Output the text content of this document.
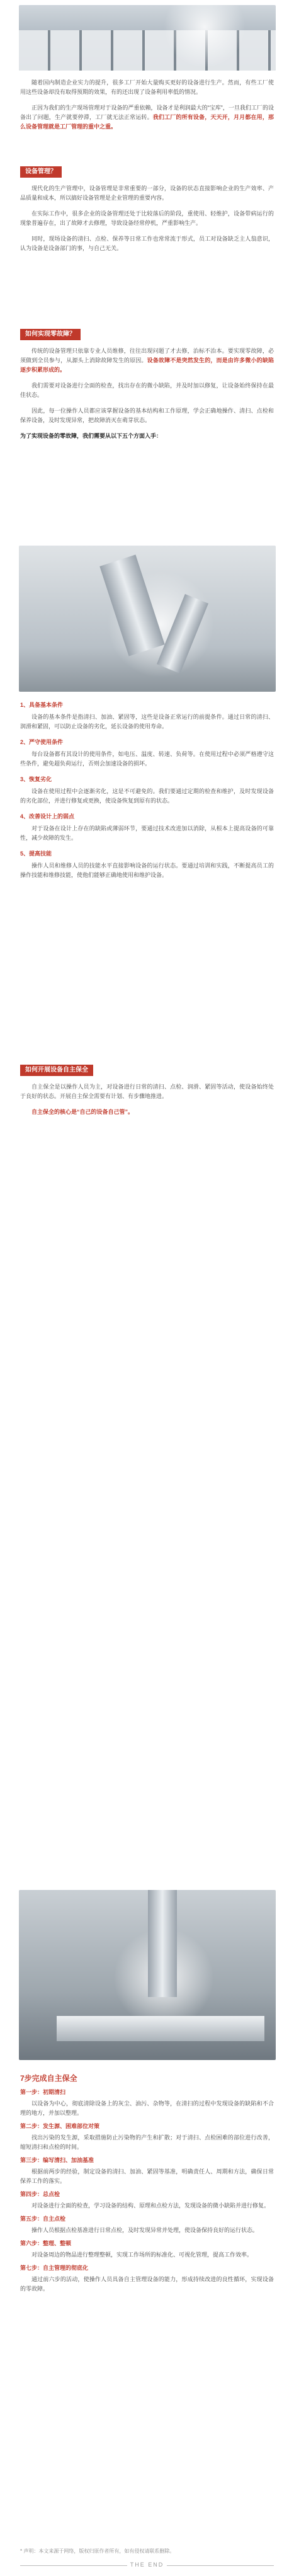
随着国内制造企业实力的提升，很多工厂开始大量购买更好的设备进行生产。然而，有些工厂使用这些设备却没有取得预期的效果，有的还出现了设备利用率低的情况。

正因为我们的生产现场管理对于设备的严重依赖，设备才是利润最大的“宝库”，一旦我们工厂的设备出了问题，生产就要停滞，工厂就无法正常运转。我们工厂的所有设备，天天开，月月都在用，那么设备管理就是工厂管理的重中之重。

设备管理？

现代化的生产管理中，设备管理是非常重要的一部分，设备的状态直接影响企业的生产效率、产品质量和成本，所以搞好设备管理是企业管理的重要内容。

在实际工作中，很多企业的设备管理还处于比较落后的阶段，重使用、轻维护，设备带病运行的现象普遍存在，出了故障才去修理，导致设备经常停机，严重影响生产。

同时，现场设备的清扫、点检、保养等日常工作也常常流于形式，员工对设备缺乏主人翁意识，认为设备是设备部门的事，与自己无关。

如何实现零故障？

传统的设备管理只依靠专业人员维修，往往出现问题了才去修，治标不治本。要实现零故障，必须做到全员参与，从源头上消除故障发生的原因。设备故障不是突然发生的，而是由许多微小的缺陷逐步积累形成的。

我们需要对设备进行全面的检查，找出存在的微小缺陷，并及时加以修复，让设备始终保持在最佳状态。

因此，每一位操作人员都应该掌握设备的基本结构和工作原理，学会正确地操作、清扫、点检和保养设备，及时发现异常，把故障消灭在萌芽状态。

为了实现设备的零故障，我们需要从以下五个方面入手：

1、具备基本条件

设备的基本条件是指清扫、加油、紧固等，这些是设备正常运行的前提条件。通过日常的清扫、润滑和紧固，可以防止设备的劣化，延长设备的使用寿命。

2、严守使用条件

每台设备都有其设计的使用条件，如电压、温度、转速、负荷等。在使用过程中必须严格遵守这些条件，避免超负荷运行，否则会加速设备的损坏。

3、恢复劣化

设备在使用过程中会逐渐劣化，这是不可避免的。我们要通过定期的检查和维护，及时发现设备的劣化部位，并进行修复或更换，使设备恢复到原有的状态。

4、改善设计上的弱点

对于设备在设计上存在的缺陷或薄弱环节，要通过技术改进加以消除，从根本上提高设备的可靠性，减少故障的发生。

5、提高技能

操作人员和维修人员的技能水平直接影响设备的运行状态。要通过培训和实践，不断提高员工的操作技能和维修技能，使他们能够正确地使用和维护设备。

如何开展设备自主保全

自主保全是以操作人员为主，对设备进行日常的清扫、点检、润滑、紧固等活动，使设备始终处于良好的状态。开展自主保全需要有计划、有步骤地推进。

自主保全的核心是“自己的设备自己管”。

7步完成自主保全
第一步：初期清扫

以设备为中心，彻底清除设备上的灰尘、油污、杂物等，在清扫的过程中发现设备的缺陷和不合理的地方，并加以整理。

第二步：发生源、困难部位对策

找出污染的发生源，采取措施防止污染物的产生和扩散；对于清扫、点检困难的部位进行改善，缩短清扫和点检的时间。

第三步：编写清扫、加油基准

根据前两步的经验，制定设备的清扫、加油、紧固等基准，明确责任人、周期和方法，确保日常保养工作的落实。

第四步：总点检

对设备进行全面的检查，学习设备的结构、原理和点检方法，发现设备的微小缺陷并进行修复。

第五步：自主点检

操作人员根据点检基准进行日常点检，及时发现异常并处理，使设备保持良好的运行状态。

第六步：整理、整顿

对设备周边的物品进行整理整顿，实现工作场所的标准化、可视化管理，提高工作效率。

第七步：自主管理的彻底化

通过前六步的活动，使操作人员具备自主管理设备的能力，形成持续改进的良性循环，实现设备的零故障。

* 声明：本文来源于网络，版权归原作者所有，如有侵权请联系删除。
THE END
